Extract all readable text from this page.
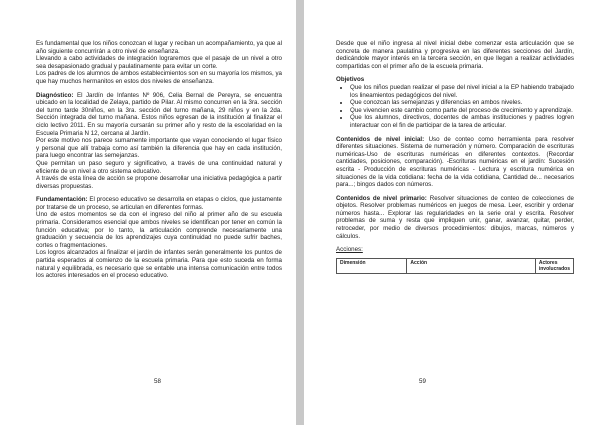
Es fundamental que los niños conozcan el lugar y reciban un acompañamiento, ya que al año siguiente concurrirán a otro nivel de enseñanza.

Llevando a cabo actividades de integración lograremos que el pasaje de un nivel a otro sea desapasionado gradual y paulatinamente para evitar un corte.

Los padres de los alumnos de ambos establecimientos son en su mayoría los mismos, ya que hay muchos hermanitos en estos dos niveles de enseñanza.

Diagnóstico: El Jardín de Infantes Nº 906, Celia Bernal de Pereyra, se encuentra ubicado en la localidad de Zelaya, partido de Pilar. Al mismo concurren en la 3ra. sección del turno tarde 30niños, en la 3ra. sección del turno mañana, 29 niños y en la 2da. Sección integrada del turno mañana. Estos niños egresan de la institución al finalizar el ciclo lectivo 2011. En su mayoría cursarán su primer año y resto de la escolaridad en la Escuela Primaria N 12, cercana al Jardín.

Por este motivo nos parece sumamente importante que vayan conociendo el lugar físico y personal que allí trabaja como así también la diferencia que hay en cada institución, para luego encontrar las semejanzas.

Que permitan un paso seguro y significativo, a través de una continuidad natural y eficiente de un nivel a otro sistema educativo.

A través de esta línea de acción se propone desarrollar una iniciativa pedagógica a partir diversas propuestas.

Fundamentación: El proceso educativo se desarrolla en etapas o ciclos, que justamente por tratarse de un proceso, se articulan en diferentes formas.

Uno de estos momentos se da con el ingreso del niño al primer año de su escuela primaria. Consideramos esencial que ambos niveles se identifican por tener en común la función educativa; por lo tanto, la articulación comprende necesariamente una graduación y secuencia de los aprendizajes cuya continuidad no puede sufrir baches, cortes o fragmentaciones.

Los logros alcanzados al finalizar el jardín de infantes serán generalmente los puntos de partida esperados al comienzo de la escuela primaria. Para que esto suceda en forma natural y equilibrada, es necesario que se entable una intensa comunicación entre todos los actores interesados en el proceso educativo.

58

Desde que el niño ingresa al nivel inicial debe comenzar esta articulación que se concreta de manera paulatina y progresiva en las diferentes secciones del Jardín, dedicándole mayor interés en la tercera sección, en que llegan a realizar actividades compartidas con el primer año de la escuela primaria.

Objetivos

• Que los niños puedan realizar el pase del nivel inicial a la EP habiendo trabajado los lineamientos pedagógicos del nivel.
• Que conozcan las semejanzas y diferencias en ambos niveles.
• Que vivencien este cambio como parte del proceso de crecimiento y aprendizaje.
• Que los alumnos, directivos, docentes de ambas instituciones y padres logren interactuar con el fin de participar de la tarea de articular.

Contenidos de nivel inicial: Uso de conteo como herramienta para resolver diferentes situaciones. Sistema de numeración y número. Comparación de escrituras numéricas-Uso de escrituras numéricas en diferentes contextos. (Recordar cantidades, posiciones, comparación). -Escrituras numéricas en el jardín: Sucesión escrita - Producción de escrituras numéricas - Lectura y escritura numérica en situaciones de la vida cotidiana: fecha de la vida cotidiana, Cantidad de... necesarios para...; bingos dados con números.

Contenidos de nivel primario: Resolver situaciones de conteo de colecciones de objetos. Resolver problemas numéricos en juegos de mesa. Leer, escribir y ordenar números hasta... Explorar las regularidades en la serie oral y escrita. Resolver problemas de suma y resta que impliquen unir, ganar, avanzar, quitar, perder, retroceder, por medio de diversos procedimientos: dibujos, marcas, números y cálculos.

Acciones:

Dimensión	Acción	Actores involucrados
59
